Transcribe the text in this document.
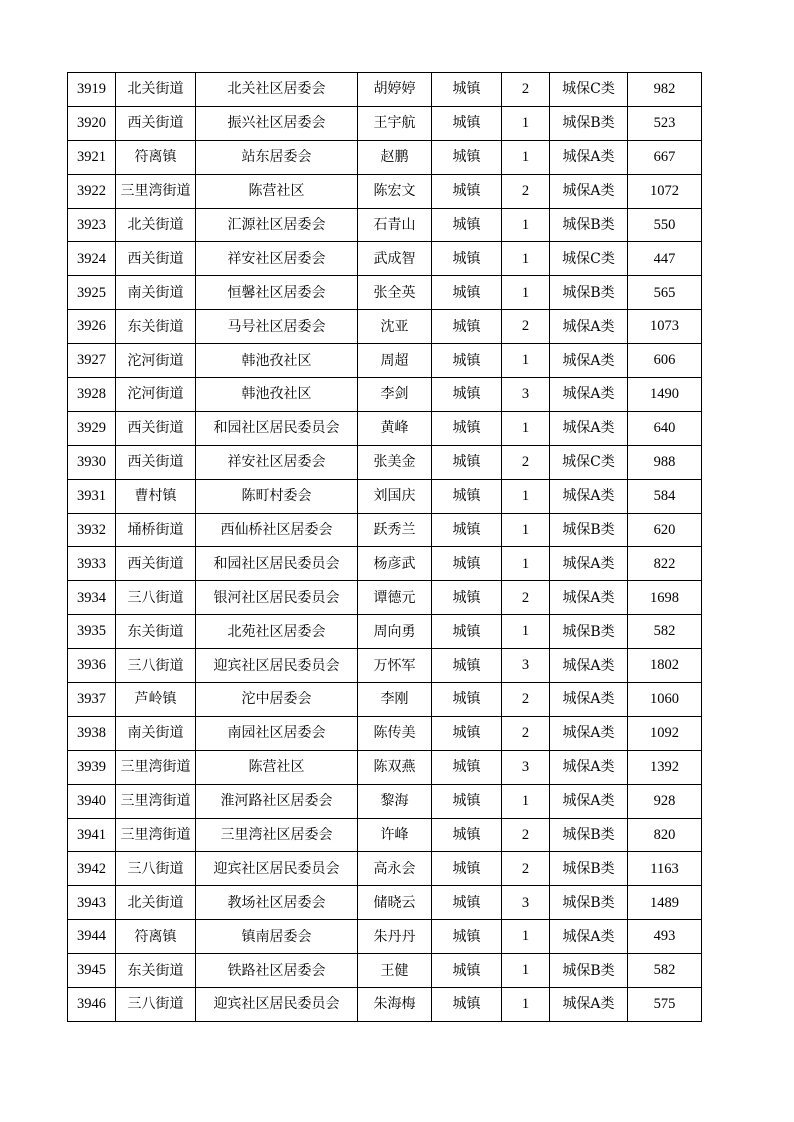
3919	北关街道	北关社区居委会	胡婷婷	城镇	2	城保C类	982
3920	西关街道	振兴社区居委会	王宇航	城镇	1	城保B类	523
3921	符离镇	站东居委会	赵鹏	城镇	1	城保A类	667
3922	三里湾街道	陈营社区	陈宏文	城镇	2	城保A类	1072
3923	北关街道	汇源社区居委会	石青山	城镇	1	城保B类	550
3924	西关街道	祥安社区居委会	武成智	城镇	1	城保C类	447
3925	南关街道	恒馨社区居委会	张全英	城镇	1	城保B类	565
3926	东关街道	马号社区居委会	沈亚	城镇	2	城保A类	1073
3927	沱河街道	韩池孜社区	周超	城镇	1	城保A类	606
3928	沱河街道	韩池孜社区	李剑	城镇	3	城保A类	1490
3929	西关街道	和园社区居民委员会	黄峰	城镇	1	城保A类	640
3930	西关街道	祥安社区居委会	张美金	城镇	2	城保C类	988
3931	曹村镇	陈町村委会	刘国庆	城镇	1	城保A类	584
3932	埇桥街道	西仙桥社区居委会	跃秀兰	城镇	1	城保B类	620
3933	西关街道	和园社区居民委员会	杨彦武	城镇	1	城保A类	822
3934	三八街道	银河社区居民委员会	谭德元	城镇	2	城保A类	1698
3935	东关街道	北苑社区居委会	周向勇	城镇	1	城保B类	582
3936	三八街道	迎宾社区居民委员会	万怀军	城镇	3	城保A类	1802
3937	芦岭镇	沱中居委会	李刚	城镇	2	城保A类	1060
3938	南关街道	南园社区居委会	陈传美	城镇	2	城保A类	1092
3939	三里湾街道	陈营社区	陈双燕	城镇	3	城保A类	1392
3940	三里湾街道	淮河路社区居委会	黎海	城镇	1	城保A类	928
3941	三里湾街道	三里湾社区居委会	许峰	城镇	2	城保B类	820
3942	三八街道	迎宾社区居民委员会	高永会	城镇	2	城保B类	1163
3943	北关街道	教场社区居委会	储晓云	城镇	3	城保B类	1489
3944	符离镇	镇南居委会	朱丹丹	城镇	1	城保A类	493
3945	东关街道	铁路社区居委会	王健	城镇	1	城保B类	582
3946	三八街道	迎宾社区居民委员会	朱海梅	城镇	1	城保A类	575
